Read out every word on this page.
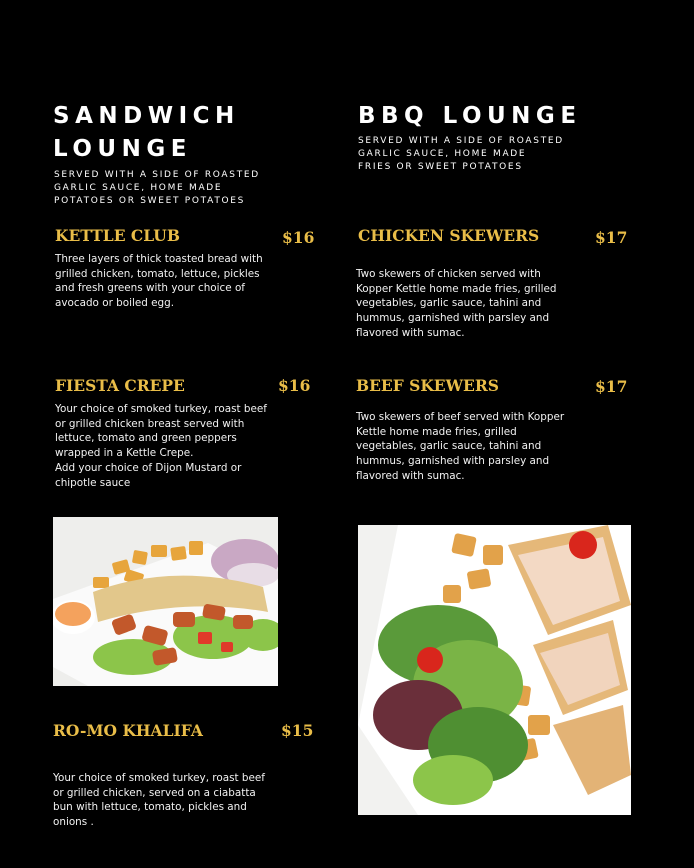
SANDWICH
LOUNGE

SERVED WITH A SIDE OF ROASTED
GARLIC SAUCE, HOME MADE
POTATOES OR SWEET POTATOES

BBQ LOUNGE

SERVED WITH A SIDE OF ROASTED
GARLIC SAUCE, HOME MADE
FRIES OR SWEET POTATOES

KETTLE CLUB	$16

Three layers of thick toasted bread with
grilled chicken, tomato, lettuce, pickles
and fresh greens with your choice of
avocado or boiled egg.

FIESTA CREPE	$16

Your choice of smoked turkey, roast beef
or grilled chicken breast served with
lettuce, tomato and green peppers
wrapped in a Kettle Crepe.
Add your choice of Dijon Mustard or
chipotle sauce

RO-MO KHALIFA	$15

Your choice of smoked turkey, roast beef
or grilled chicken, served on a ciabatta
bun with lettuce, tomato, pickles and
onions .

CHICKEN SKEWERS	$17

Two skewers of chicken served with
Kopper Kettle home made fries, grilled
vegetables, garlic sauce, tahini and
hummus, garnished with parsley and
flavored with sumac.

BEEF SKEWERS	$17

Two skewers of beef served with Kopper
Kettle home made fries, grilled
vegetables, garlic sauce, tahini and
hummus, garnished with parsley and
flavored with sumac.
